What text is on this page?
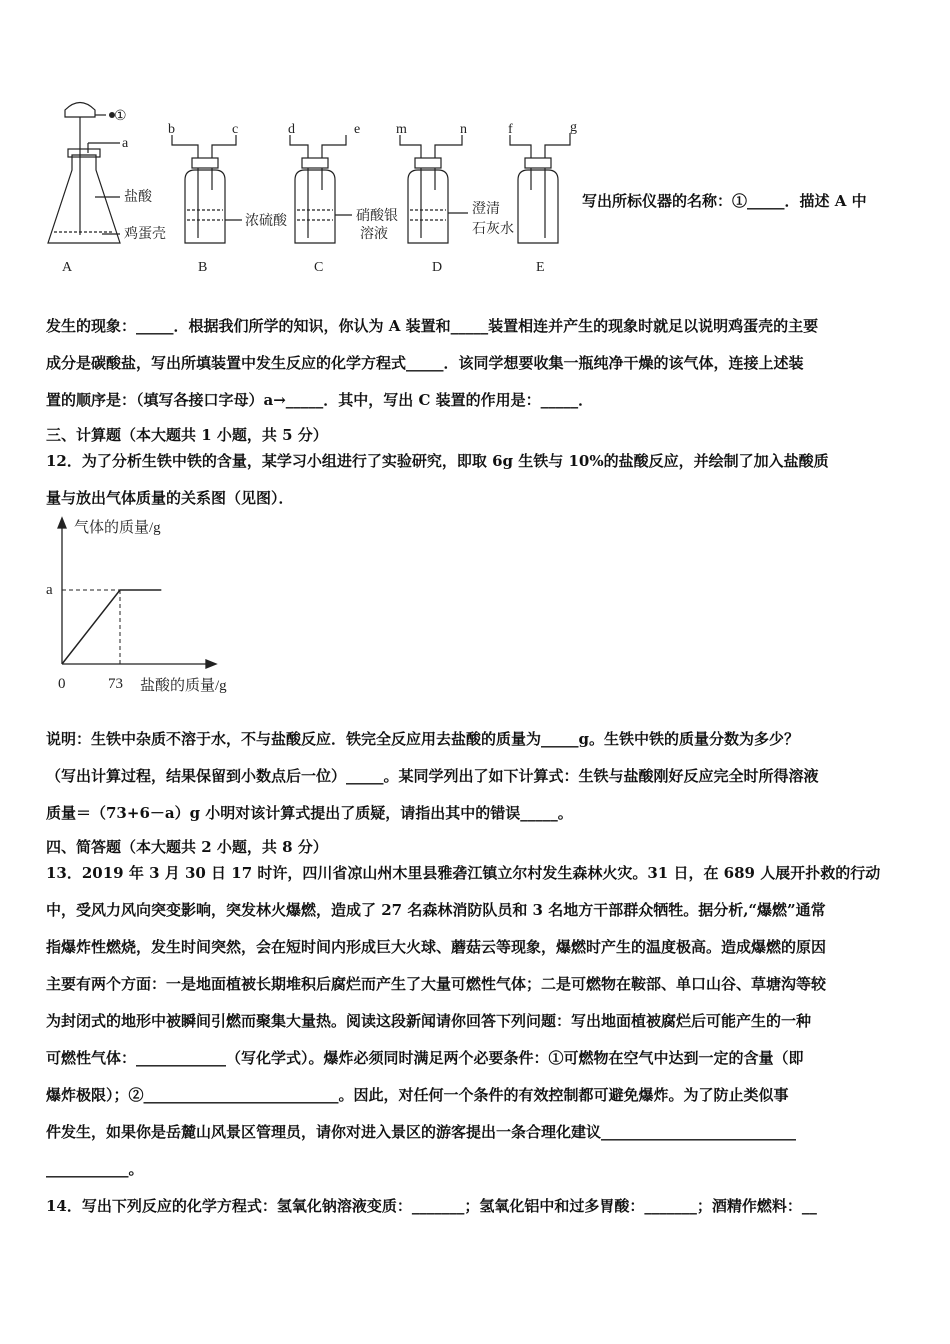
①
a
b	c	d	e	m	n	f	g
盐酸
鸡蛋壳
浓硫酸	硝酸银
溶液
澄清
石灰水
A	B	C	D	E
写出所标仪器的名称：①_____．描述 A 中
发生的现象：_____．根据我们所学的知识，你认为 A 装置和_____装置相连并产生的现象时就足以说明鸡蛋壳的主要
成分是碳酸盐，写出所填装置中发生反应的化学方程式_____．该同学想要收集一瓶纯净干燥的该气体，连接上述装
置的顺序是：（填写各接口字母）a→_____．其中，写出 C 装置的作用是：_____．
三、计算题（本大题共 1 小题，共 5 分）
12．为了分析生铁中铁的含量，某学习小组进行了实验研究，即取 6g 生铁与 10%的盐酸反应，并绘制了加入盐酸质
量与放出气体质量的关系图（见图）．
气体的质量/g
盐酸的质量/g
0	73
a
说明：生铁中杂质不溶于水，不与盐酸反应．铁完全反应用去盐酸的质量为_____g。生铁中铁的质量分数为多少？
（写出计算过程，结果保留到小数点后一位）_____。某同学列出了如下计算式：生铁与盐酸刚好反应完全时所得溶液
质量＝（73+6－a）g 小明对该计算式提出了质疑，请指出其中的错误_____。
四、简答题（本大题共 2 小题，共 8 分）
13．2019 年 3 月 30 日 17 时许，四川省凉山州木里县雅砻江镇立尔村发生森林火灾。31 日，在 689 人展开扑救的行动
中，受风力风向突变影响，突发林火爆燃，造成了 27 名森林消防队员和 3 名地方干部群众牺牲。据分析,“爆燃”通常
指爆炸性燃烧，发生时间突然，会在短时间内形成巨大火球、蘑菇云等现象，爆燃时产生的温度极高。造成爆燃的原因
主要有两个方面：一是地面植被长期堆积后腐烂而产生了大量可燃性气体；二是可燃物在鞍部、单口山谷、草塘沟等较
为封闭式的地形中被瞬间引燃而聚集大量热。阅读这段新闻请你回答下列问题：写出地面植被腐烂后可能产生的一种
可燃性气体：____________（写化学式）。爆炸必须同时满足两个必要条件：①可燃物在空气中达到一定的含量（即
爆炸极限）；②__________________________。因此，对任何一个条件的有效控制都可避免爆炸。为了防止类似事
件发生，如果你是岳麓山风景区管理员，请你对进入景区的游客提出一条合理化建议__________________________
___________。
14．写出下列反应的化学方程式：氢氧化钠溶液变质：_______；氢氧化铝中和过多胃酸：_______；酒精作燃料：__
